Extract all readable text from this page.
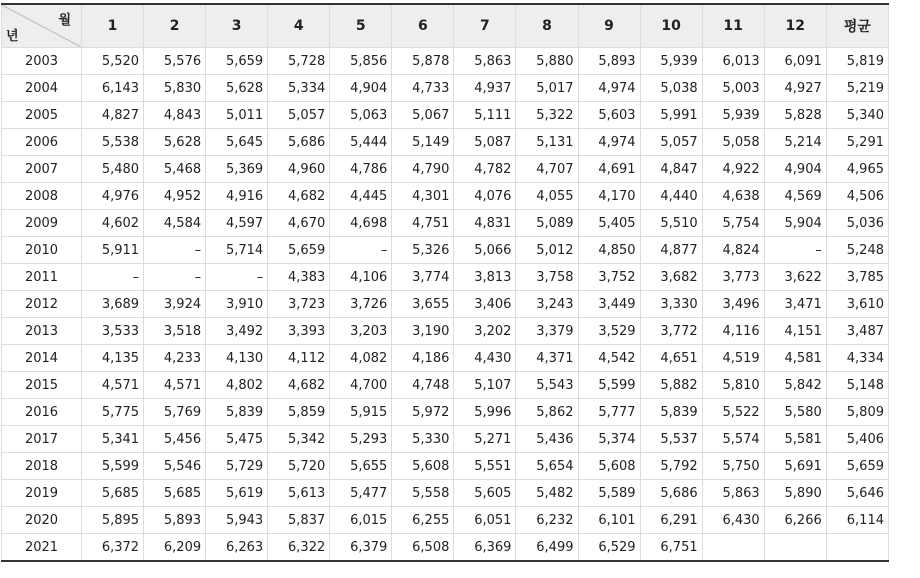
월
년	1	2	3	4	5	6	7	8	9	10	11	12	평균
2003	5,520	5,576	5,659	5,728	5,856	5,878	5,863	5,880	5,893	5,939	6,013	6,091	5,819
2004	6,143	5,830	5,628	5,334	4,904	4,733	4,937	5,017	4,974	5,038	5,003	4,927	5,219
2005	4,827	4,843	5,011	5,057	5,063	5,067	5,111	5,322	5,603	5,991	5,939	5,828	5,340
2006	5,538	5,628	5,645	5,686	5,444	5,149	5,087	5,131	4,974	5,057	5,058	5,214	5,291
2007	5,480	5,468	5,369	4,960	4,786	4,790	4,782	4,707	4,691	4,847	4,922	4,904	4,965
2008	4,976	4,952	4,916	4,682	4,445	4,301	4,076	4,055	4,170	4,440	4,638	4,569	4,506
2009	4,602	4,584	4,597	4,670	4,698	4,751	4,831	5,089	5,405	5,510	5,754	5,904	5,036
2010	5,911	–	5,714	5,659	–	5,326	5,066	5,012	4,850	4,877	4,824	–	5,248
2011	–	–	–	4,383	4,106	3,774	3,813	3,758	3,752	3,682	3,773	3,622	3,785
2012	3,689	3,924	3,910	3,723	3,726	3,655	3,406	3,243	3,449	3,330	3,496	3,471	3,610
2013	3,533	3,518	3,492	3,393	3,203	3,190	3,202	3,379	3,529	3,772	4,116	4,151	3,487
2014	4,135	4,233	4,130	4,112	4,082	4,186	4,430	4,371	4,542	4,651	4,519	4,581	4,334
2015	4,571	4,571	4,802	4,682	4,700	4,748	5,107	5,543	5,599	5,882	5,810	5,842	5,148
2016	5,775	5,769	5,839	5,859	5,915	5,972	5,996	5,862	5,777	5,839	5,522	5,580	5,809
2017	5,341	5,456	5,475	5,342	5,293	5,330	5,271	5,436	5,374	5,537	5,574	5,581	5,406
2018	5,599	5,546	5,729	5,720	5,655	5,608	5,551	5,654	5,608	5,792	5,750	5,691	5,659
2019	5,685	5,685	5,619	5,613	5,477	5,558	5,605	5,482	5,589	5,686	5,863	5,890	5,646
2020	5,895	5,893	5,943	5,837	6,015	6,255	6,051	6,232	6,101	6,291	6,430	6,266	6,114
2021	6,372	6,209	6,263	6,322	6,379	6,508	6,369	6,499	6,529	6,751			
